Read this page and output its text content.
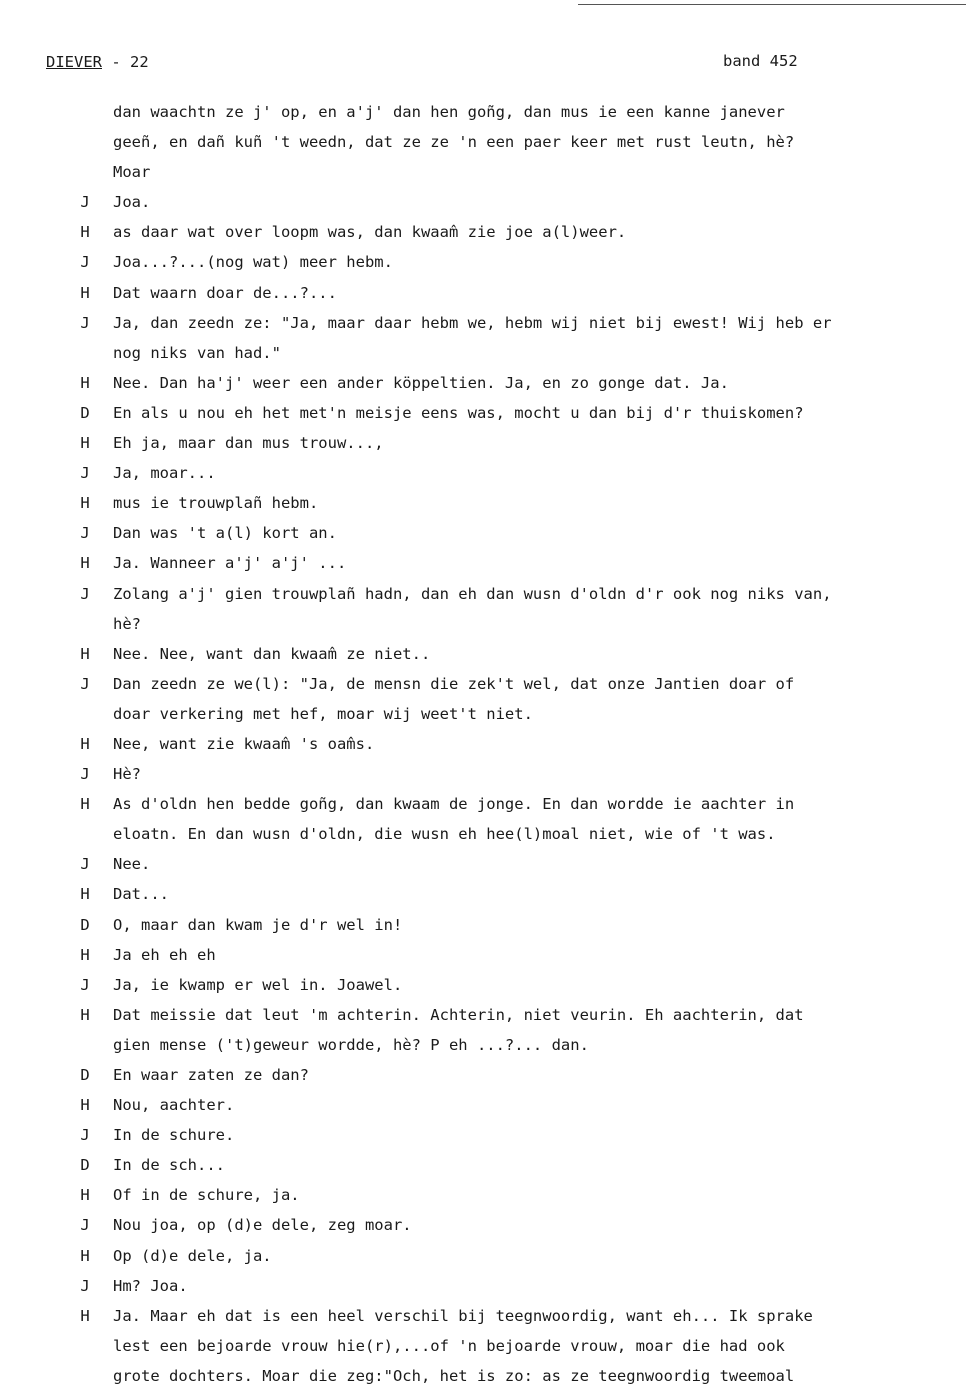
DIEVER - 22	band 452
dan waachtn ze j' op, en a'j' dan hen goñg, dan mus ie een kanne janever
geeñ, en dañ kuñ 't weedn, dat ze ze 'n een paer keer met rust leutn, hè?
Moar
J	Joa.
H	as daar wat over loopm was, dan kwaam̂ zie joe a(l)weer.
J	Joa...?...(nog wat) meer hebm.
H	Dat waarn doar de...?...
J	Ja, dan zeedn ze: "Ja, maar daar hebm we, hebm wij niet bij ewest! Wij heb er
nog niks van had."
H	Nee. Dan ha'j' weer een ander köppeltien. Ja, en zo gonge dat. Ja.
D	En als u nou eh het met'n meisje eens was, mocht u dan bij d'r thuiskomen?
H	Eh ja, maar dan mus trouw...,
J	Ja, moar...
H	mus ie trouwplañ hebm.
J	Dan was 't a(l) kort an.
H	Ja. Wanneer a'j' a'j' ...
J	Zolang a'j' gien trouwplañ hadn, dan eh dan wusn d'oldn d'r ook nog niks van,
hè?
H	Nee. Nee, want dan kwaam̂ ze niet..
J	Dan zeedn ze we(l): "Ja, de mensn die zek't wel, dat onze Jantien doar of
doar verkering met hef, moar wij weet't niet.
H	Nee, want zie kwaam̂ 's oam̂s.
J	Hè?
H	As d'oldn hen bedde goñg, dan kwaam de jonge. En dan wordde ie aachter in
eloatn. En dan wusn d'oldn, die wusn eh hee(l)moal niet, wie of 't was.
J	Nee.
H	Dat...
D	O, maar dan kwam je d'r wel in!
H	Ja eh eh eh
J	Ja, ie kwamp er wel in. Joawel.
H	Dat meissie dat leut 'm achterin. Achterin, niet veurin. Eh aachterin, dat
gien mense ('t)geweur wordde, hè? P eh ...?... dan.
D	En waar zaten ze dan?
H	Nou, aachter.
J	In de schure.
D	In de sch...
H	Of in de schure, ja.
J	Nou joa, op (d)e dele, zeg moar.
H	Op (d)e dele, ja.
J	Hm? Joa.
H	Ja. Maar eh dat is een heel verschil bij teegnwoordig, want eh... Ik sprake
lest een bejoarde vrouw hie(r),...of 'n bejoarde vrouw, moar die had ook
grote dochters. Moar die zeg:"Och, het is zo: as ze teegnwoordig tweemoal
